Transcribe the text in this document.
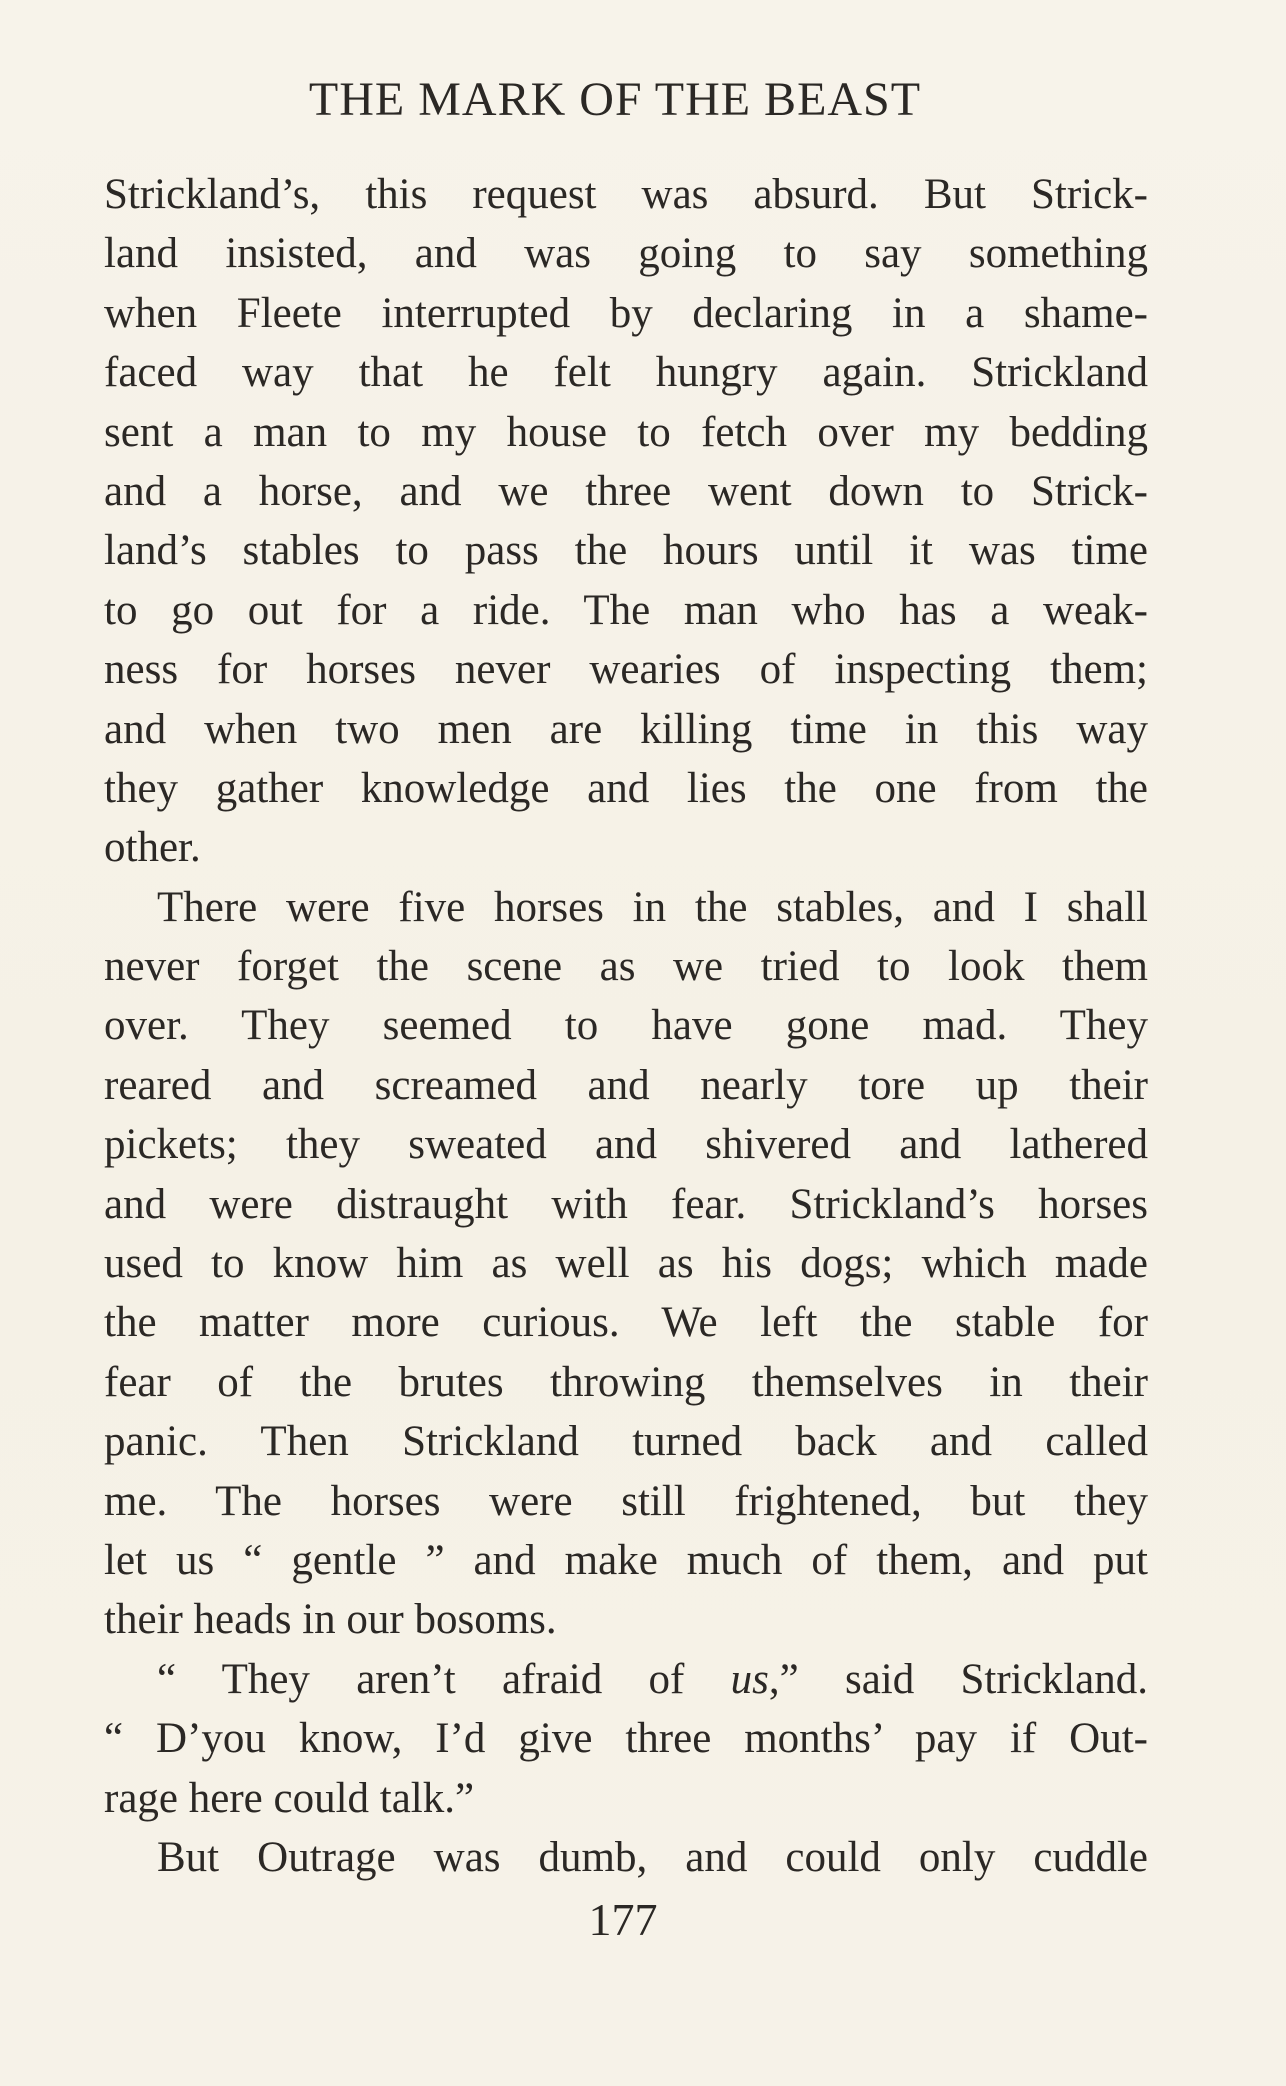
THE MARK OF THE BEAST
Strickland’s, this request was absurd. But Strick-
land insisted, and was going to say something
when Fleete interrupted by declaring in a shame-
faced way that he felt hungry again. Strickland
sent a man to my house to fetch over my bedding
and a horse, and we three went down to Strick-
land’s stables to pass the hours until it was time
to go out for a ride. The man who has a weak-
ness for horses never wearies of inspecting them;
and when two men are killing time in this way
they gather knowledge and lies the one from the
other.
There were five horses in the stables, and I shall
never forget the scene as we tried to look them
over. They seemed to have gone mad. They
reared and screamed and nearly tore up their
pickets; they sweated and shivered and lathered
and were distraught with fear. Strickland’s horses
used to know him as well as his dogs; which made
the matter more curious. We left the stable for
fear of the brutes throwing themselves in their
panic. Then Strickland turned back and called
me. The horses were still frightened, but they
let us “ gentle ” and make much of them, and put
their heads in our bosoms.
“ They aren’t afraid of us,” said Strickland.
“ D’you know, I’d give three months’ pay if Out-
rage here could talk.”
But Outrage was dumb, and could only cuddle
177
